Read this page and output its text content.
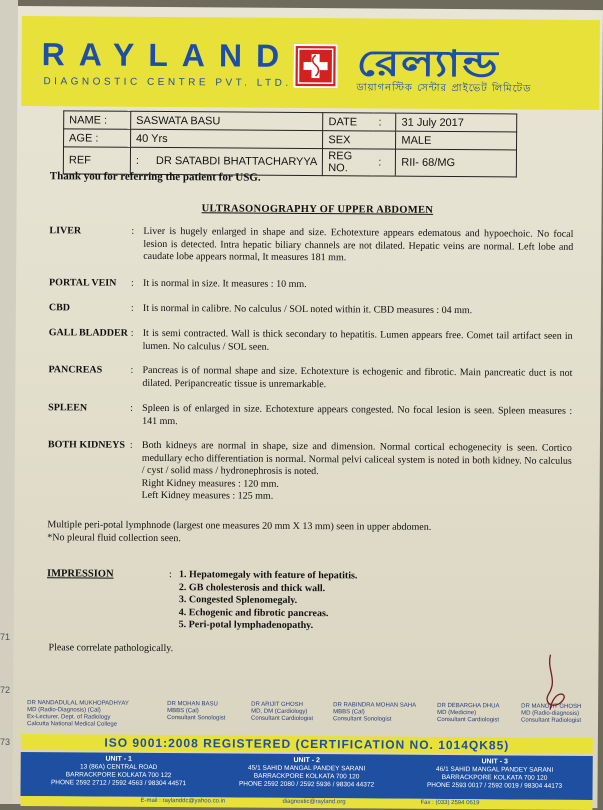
71
72
73
RAYLAND
DIAGNOSTIC CENTRE PVT. LTD. রেল্যান্ড
ডায়াগনস্টিক সেন্টার প্রাইভেট লিমিটেড
NAME :	SASWATA BASU		DATE	:	31 July 2017
AGE :	40 Yrs		SEX		MALE
REF	:	DR SATABDI BHATTACHARYYA	REG NO.	:	RII- 68/MG
Thank you for referring the patient for USG.
ULTRASONOGRAPHY OF UPPER ABDOMEN
LIVER	: Liver is hugely enlarged in shape and size. Echotexture appears edematous and hypoechoic. No focal lesion is detected. Intra hepatic biliary channels are not dilated. Hepatic veins are normal. Left lobe and caudate lobe appears normal, It measures 181 mm.
PORTAL VEIN	: It is normal in size. It measures : 10 mm.
CBD	: It is normal in calibre. No calculus / SOL noted within it. CBD measures : 04 mm.
GALL BLADDER : It is semi contracted. Wall is thick secondary to hepatitis. Lumen appears free. Comet tail artifact seen in lumen. No calculus / SOL seen.
PANCREAS	: Pancreas is of normal shape and size. Echotexture is echogenic and fibrotic. Main pancreatic duct is not dilated. Peripancreatic tissue is unremarkable.
SPLEEN	: Spleen is of enlarged in size. Echotexture appears congested. No focal lesion is seen. Spleen measures : 141 mm.
BOTH KIDNEYS : Both kidneys are normal in shape, size and dimension. Normal cortical echogenecity is seen. Cortico medullary echo differentiation is normal. Normal pelvi caliceal system is noted in both kidney. No calculus / cyst / solid mass / hydronephrosis is noted.
Right Kidney measures : 120 mm.
Left Kidney measures : 125 mm.
Multiple peri-potal lymphnode (largest one measures 20 mm X 13 mm) seen in upper abdomen.
*No pleural fluid collection seen.
IMPRESSION	: 1. Hepatomegaly with feature of hepatitis.
2. GB cholesterosis and thick wall.
3. Congested Splenomegaly.
4. Echogenic and fibrotic pancreas.
5. Peri-potal lymphadenopathy.
Please correlate pathologically.
DR NANDADULAL MUKHOPADHYAY
MD (Radio-Diagnosis) (Cal)
Ex-Lecturer, Dept. of Radiology
Calcutta National Medical College
DR MOHAN BASU
MBBS (Cal)
Consultant Sonologist
DR ARIJIT GHOSH
MD, DM (Cardiology)
Consultant Cardiologist
DR RABINDRA MOHAN SAHA
MBBS (Cal)
Consultant Sonologist
DR DEBARGHA DHUA
MD (Medicine)
Consultant Cardiologist
DR MANOJIT GHOSH
MD (Radio-diagnosis)
Consultant Radiologist
ISO 9001:2008 REGISTERED (CERTIFICATION NO. 1014QK85)
UNIT - 1
13 (86A) CENTRAL ROAD
BARRACKPORE KOLKATA 700 122
PHONE 2592 2712 / 2592 4563 / 98304 44571
UNIT - 2
45/1 SAHID MANGAL PANDEY SARANI
BARRACKPORE KOLKATA 700 120
PHONE 2592 2080 / 2592 5936 / 98304 44372
UNIT - 3
46/1 SAHID MANGAL PANDEY SARANI
BARRACKPORE KOLKATA 700 120
PHONE 2593 0017 / 2592 0019 / 98304 44173
E-mail : raylanddc@yahoo.co.in	diagnostic@rayland.org	Fax : (033) 2594 0619
